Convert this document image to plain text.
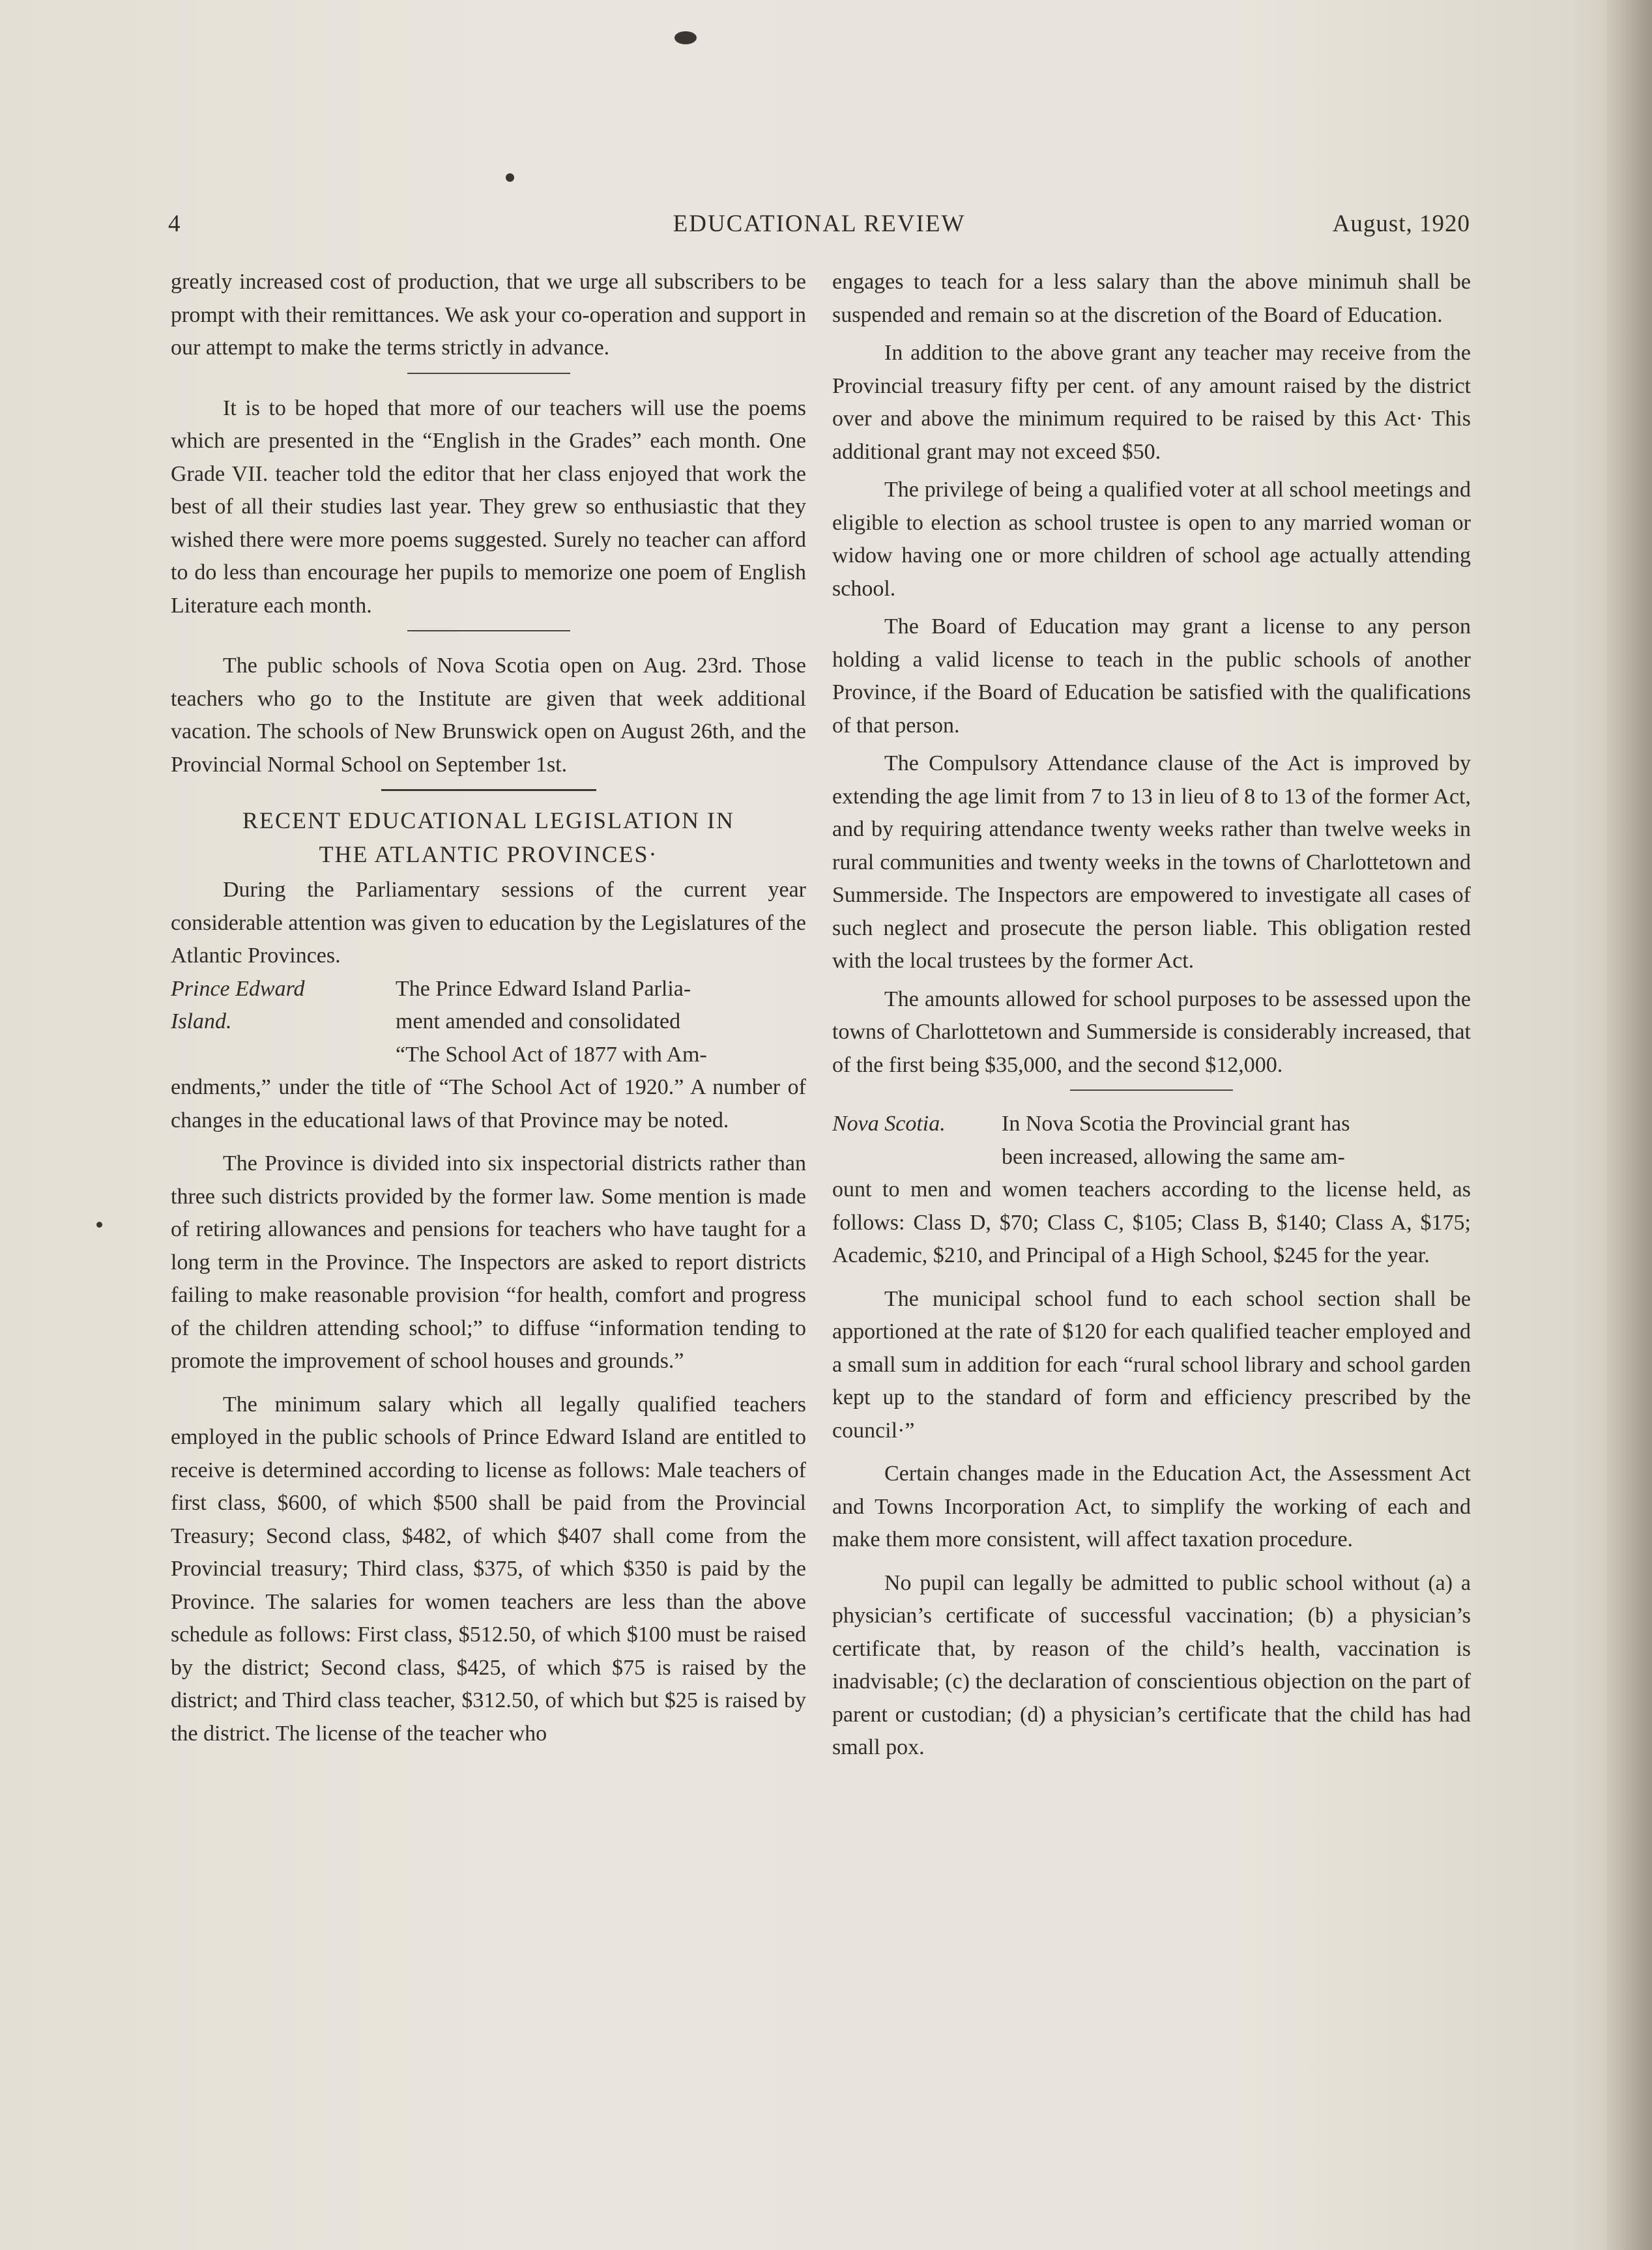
4	EDUCATIONAL REVIEW	August, 1920

greatly increased cost of production, that we urge all subscribers to be prompt with their remittances. We ask your co-operation and support in our attempt to make the terms strictly in advance.

It is to be hoped that more of our teachers will use the poems which are presented in the “English in the Grades” each month. One Grade VII. teacher told the editor that her class enjoyed that work the best of all their studies last year. They grew so enthusiastic that they wished there were more poems suggested. Surely no teacher can afford to do less than encourage her pupils to memorize one poem of English Literature each month.

The public schools of Nova Scotia open on Aug. 23rd. Those teachers who go to the Institute are given that week additional vacation. The schools of New Brunswick open on August 26th, and the Provincial Normal School on September 1st.

RECENT EDUCATIONAL LEGISLATION IN
THE ATLANTIC PROVINCES·

During the Parliamentary sessions of the current year considerable attention was given to education by the Legislatures of the Atlantic Provinces.

Prince Edward
Island.
The Prince Edward Island Parlia-
ment amended and consolidated
“The School Act of 1877 with Am-

endments,” under the title of “The School Act of 1920.” A number of changes in the educational laws of that Province may be noted.

The Province is divided into six inspectorial districts rather than three such districts provided by the former law. Some mention is made of retiring allowances and pensions for teachers who have taught for a long term in the Province. The Inspectors are asked to report districts failing to make reasonable provision “for health, comfort and progress of the children attending school;” to diffuse “information tending to promote the improvement of school houses and grounds.”

The minimum salary which all legally qualified teachers employed in the public schools of Prince Edward Island are entitled to receive is determined according to license as follows: Male teachers of first class, $600, of which $500 shall be paid from the Provincial Treasury; Second class, $482, of which $407 shall come from the Provincial treasury; Third class, $375, of which $350 is paid by the Province. The salaries for women teachers are less than the above schedule as follows: First class, $512.50, of which $100 must be raised by the district; Second class, $425, of which $75 is raised by the district; and Third class teacher, $312.50, of which but $25 is raised by the district. The license of the teacher who

engages to teach for a less salary than the above minimuh shall be suspended and remain so at the discretion of the Board of Education.

In addition to the above grant any teacher may receive from the Provincial treasury fifty per cent. of any amount raised by the district over and above the minimum required to be raised by this Act· This additional grant may not exceed $50.

The privilege of being a qualified voter at all school meetings and eligible to election as school trustee is open to any married woman or widow having one or more children of school age actually attending school.

The Board of Education may grant a license to any person holding a valid license to teach in the public schools of another Province, if the Board of Education be satisfied with the qualifications of that person.

The Compulsory Attendance clause of the Act is improved by extending the age limit from 7 to 13 in lieu of 8 to 13 of the former Act, and by requiring attendance twenty weeks rather than twelve weeks in rural communities and twenty weeks in the towns of Charlottetown and Summerside. The Inspectors are empowered to investigate all cases of such neglect and prosecute the person liable. This obligation rested with the local trustees by the former Act.

The amounts allowed for school purposes to be assessed upon the towns of Charlottetown and Summerside is considerably increased, that of the first being $35,000, and the second $12,000.

Nova Scotia.	In Nova Scotia the Provincial grant has
been increased, allowing the same am-

ount to men and women teachers according to the license held, as follows: Class D, $70; Class C, $105; Class B, $140; Class A, $175; Academic, $210, and Principal of a High School, $245 for the year.

The municipal school fund to each school section shall be apportioned at the rate of $120 for each qualified teacher employed and a small sum in addition for each “rural school library and school garden kept up to the standard of form and efficiency prescribed by the council·”

Certain changes made in the Education Act, the Assessment Act and Towns Incorporation Act, to simplify the working of each and make them more consistent, will affect taxation procedure.

No pupil can legally be admitted to public school without (a) a physician’s certificate of successful vaccination; (b) a physician’s certificate that, by reason of the child’s health, vaccination is inadvisable; (c) the declaration of conscientious objection on the part of parent or custodian; (d) a physician’s certificate that the child has had small pox.
